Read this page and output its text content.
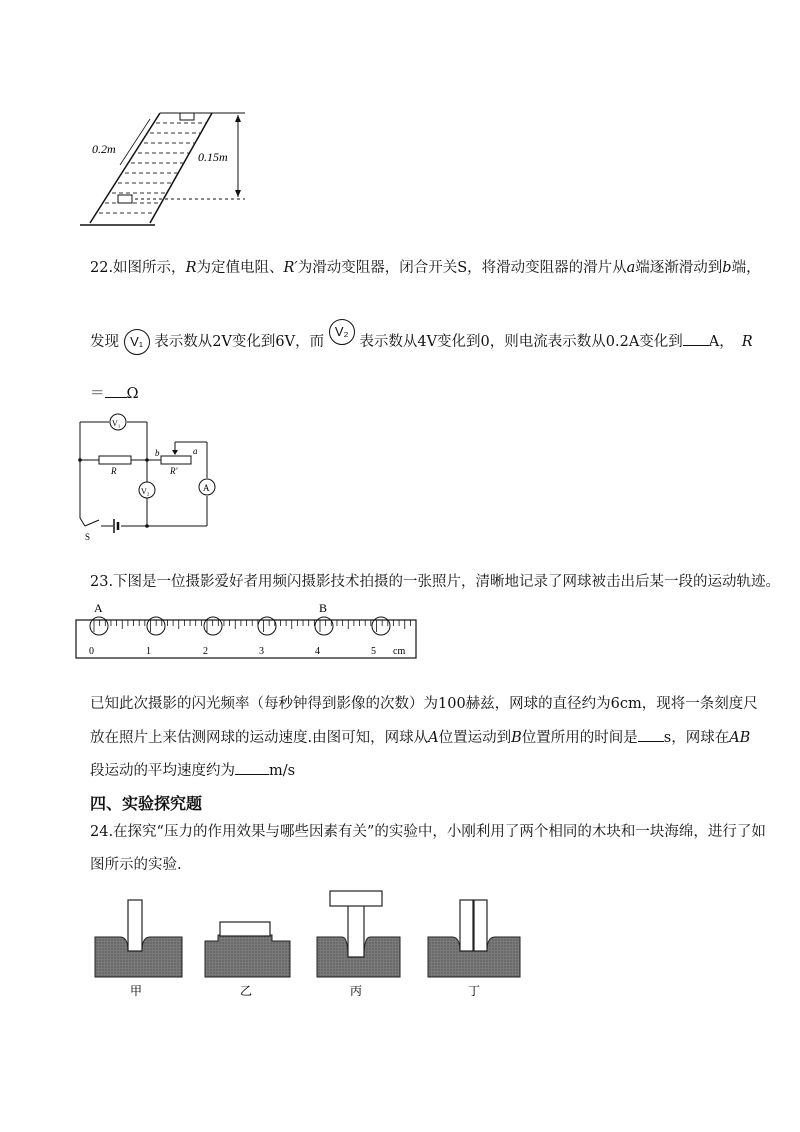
0.2m
0.15m
22.如图所示，R为定值电阻、R′为滑动变阻器，闭合开关S，将滑动变阻器的滑片从a端逐渐滑动到b端，
发现 V₁ 表示数从2V变化到6V，而 V₂ 表示数从4V变化到0，则电流表示数从0.2A变化到 A， R
＝ Ω
V₁
V₂	A
R	R′
b	a
S
23.下图是一位摄影爱好者用频闪摄影技术拍摄的一张照片，清晰地记录了网球被击出后某一段的运动轨迹。
A	B
0	1	2	3	4	5 cm
已知此次摄影的闪光频率（每秒钟得到影像的次数）为100赫兹，网球的直径约为6cm，现将一条刻度尺
放在照片上来估测网球的运动速度.由图可知，网球从A位置运动到B位置所用的时间是 s，网球在AB
段运动的平均速度约为 m/s
四、实验探究题
24.在探究“压力的作用效果与哪些因素有关”的实验中，小刚利用了两个相同的木块和一块海绵，进行了如
图所示的实验.
甲	乙	丙	丁
